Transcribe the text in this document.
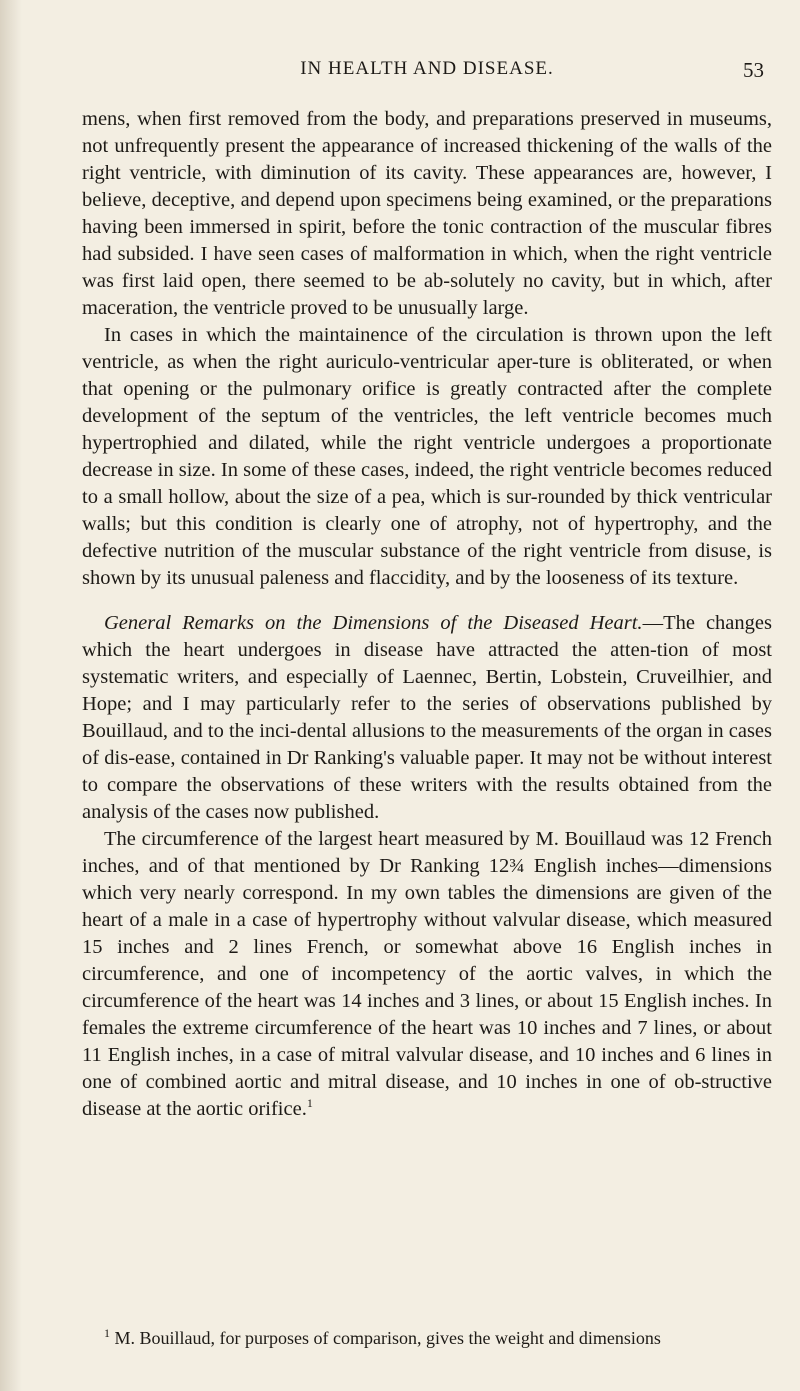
IN HEALTH AND DISEASE.	53

mens, when first removed from the body, and preparations preserved in museums, not unfrequently present the appearance of increased thickening of the walls of the right ventricle, with diminution of its cavity. These appearances are, however, I believe, deceptive, and depend upon specimens being examined, or the preparations having been immersed in spirit, before the tonic contraction of the muscular fibres had subsided. I have seen cases of malformation in which, when the right ventricle was first laid open, there seemed to be ab-solutely no cavity, but in which, after maceration, the ventricle proved to be unusually large.

In cases in which the maintainence of the circulation is thrown upon the left ventricle, as when the right auriculo-ventricular aper-ture is obliterated, or when that opening or the pulmonary orifice is greatly contracted after the complete development of the septum of the ventricles, the left ventricle becomes much hypertrophied and dilated, while the right ventricle undergoes a proportionate decrease in size. In some of these cases, indeed, the right ventricle becomes reduced to a small hollow, about the size of a pea, which is sur-rounded by thick ventricular walls; but this condition is clearly one of atrophy, not of hypertrophy, and the defective nutrition of the muscular substance of the right ventricle from disuse, is shown by its unusual paleness and flaccidity, and by the looseness of its texture.

General Remarks on the Dimensions of the Diseased Heart.—The changes which the heart undergoes in disease have attracted the atten-tion of most systematic writers, and especially of Laennec, Bertin, Lobstein, Cruveilhier, and Hope; and I may particularly refer to the series of observations published by Bouillaud, and to the inci-dental allusions to the measurements of the organ in cases of dis-ease, contained in Dr Ranking's valuable paper. It may not be without interest to compare the observations of these writers with the results obtained from the analysis of the cases now published.

The circumference of the largest heart measured by M. Bouillaud was 12 French inches, and of that mentioned by Dr Ranking 12¾ English inches—dimensions which very nearly correspond. In my own tables the dimensions are given of the heart of a male in a case of hypertrophy without valvular disease, which measured 15 inches and 2 lines French, or somewhat above 16 English inches in circumference, and one of incompetency of the aortic valves, in which the circumference of the heart was 14 inches and 3 lines, or about 15 English inches. In females the extreme circumference of the heart was 10 inches and 7 lines, or about 11 English inches, in a case of mitral valvular disease, and 10 inches and 6 lines in one of combined aortic and mitral disease, and 10 inches in one of ob-structive disease at the aortic orifice.$^1$

$^1$ M. Bouillaud, for purposes of comparison, gives the weight and dimensions
